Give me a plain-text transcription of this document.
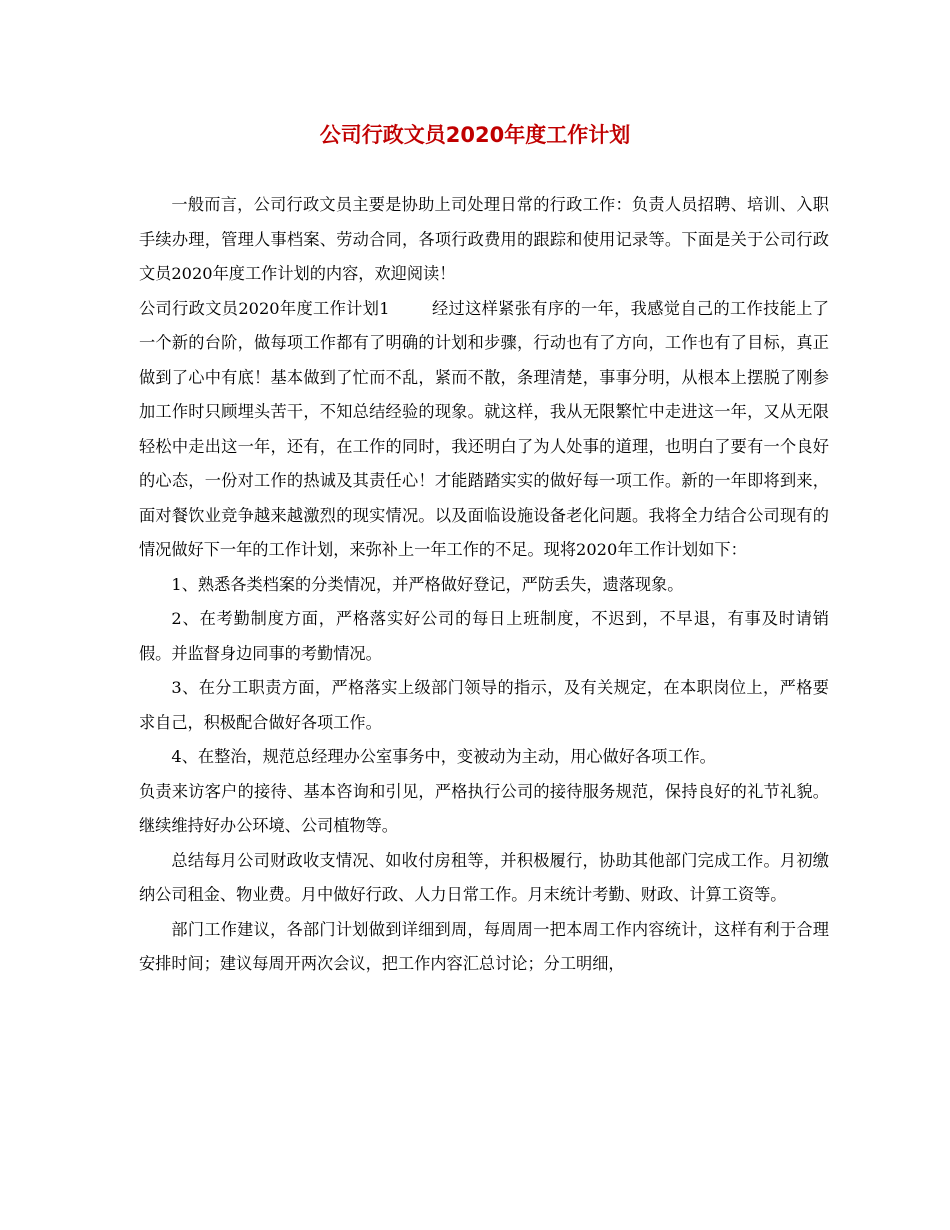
公司行政文员2020年度工作计划

一般而言，公司行政文员主要是协助上司处理日常的行政工作：负责人员招聘、培训、入职手续办理，管理人事档案、劳动合同，各项行政费用的跟踪和使用记录等。下面是关于公司行政文员2020年度工作计划的内容，欢迎阅读！

公司行政文员2020年度工作计划1	经过这样紧张有序的一年，我感觉自己的工作技能上了一个新的台阶，做每项工作都有了明确的计划和步骤，行动也有了方向，工作也有了目标，真正做到了心中有底！基本做到了忙而不乱，紧而不散，条理清楚，事事分明，从根本上摆脱了刚参加工作时只顾埋头苦干，不知总结经验的现象。就这样，我从无限繁忙中走进这一年，又从无限轻松中走出这一年，还有，在工作的同时，我还明白了为人处事的道理，也明白了要有一个良好的心态，一份对工作的热诚及其责任心！才能踏踏实实的做好每一项工作。新的一年即将到来，面对餐饮业竞争越来越激烈的现实情况。以及面临设施设备老化问题。我将全力结合公司现有的情况做好下一年的工作计划，来弥补上一年工作的不足。现将2020年工作计划如下：

1、熟悉各类档案的分类情况，并严格做好登记，严防丢失，遗落现象。

2、在考勤制度方面，严格落实好公司的每日上班制度，不迟到，不早退，有事及时请销假。并监督身边同事的考勤情况。

3、在分工职责方面，严格落实上级部门领导的指示，及有关规定，在本职岗位上，严格要求自己，积极配合做好各项工作。

4、在整治，规范总经理办公室事务中，变被动为主动，用心做好各项工作。

负责来访客户的接待、基本咨询和引见，严格执行公司的接待服务规范，保持良好的礼节礼貌。继续维持好办公环境、公司植物等。

总结每月公司财政收支情况、如收付房租等，并积极履行，协助其他部门完成工作。月初缴纳公司租金、物业费。月中做好行政、人力日常工作。月末统计考勤、财政、计算工资等。

部门工作建议，各部门计划做到详细到周，每周周一把本周工作内容统计，这样有利于合理安排时间；建议每周开两次会议，把工作内容汇总讨论；分工明细，
